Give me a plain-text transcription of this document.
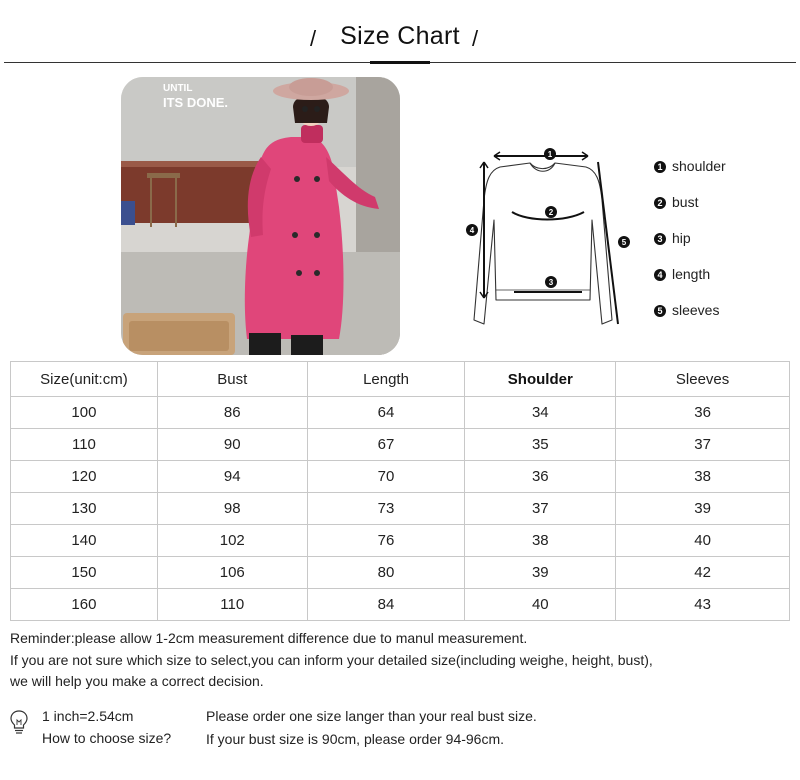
/ Size Chart /
UNTIL
ITS DONE.
1
2
3
4
5
1 shoulder
2 bust
3 hip
4 length
5 sleeves
Size(unit:cm)	Bust	Length	Shoulder	Sleeves
100	86	64	34	36
110	90	67	35	37
120	94	70	36	38
130	98	73	37	39
140	102	76	38	40
150	106	80	39	42
160	110	84	40	43
Reminder:please allow 1-2cm measurement difference due to manul measurement.
If you are not sure which size to select,you can inform your detailed size(including weighe, height, bust),
we will help you make a correct decision.
1 inch=2.54cm
How to choose size?
Please order one size langer than your real bust size.
If your bust size is 90cm, please order 94-96cm.
